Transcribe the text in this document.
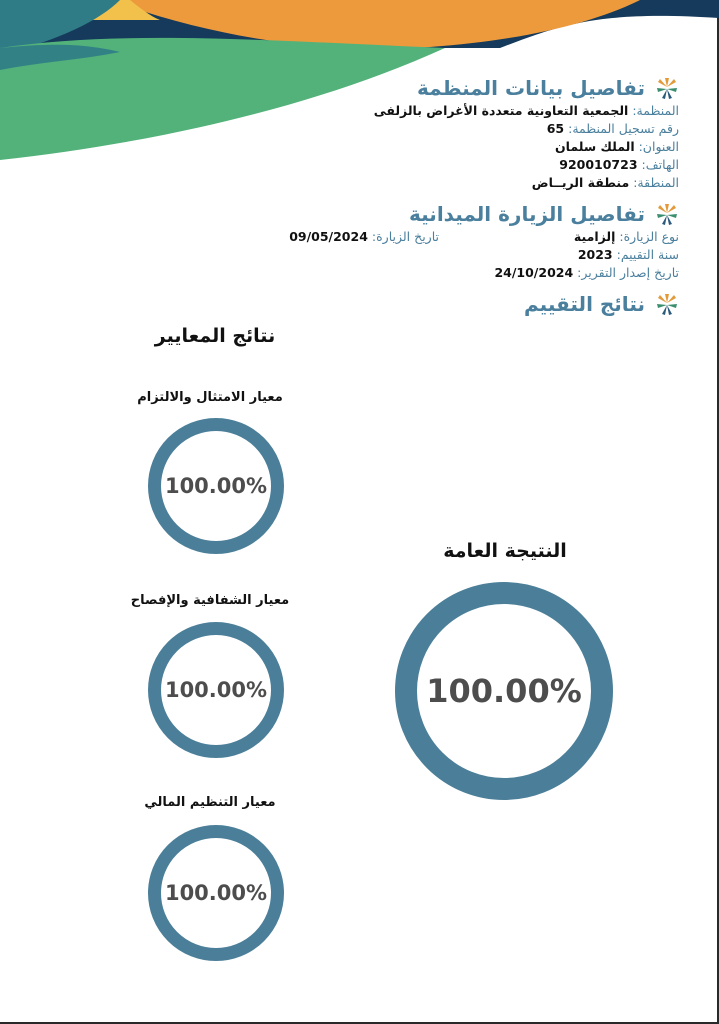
تفاصيل بيانات المنظمة
المنظمة: الجمعية التعاونية متعددة الأغراض بالزلفى
رقم تسجيل المنظمة: 65
العنوان: الملك سلمان
الهاتف: 920010723
المنطقة: منطقة الريــاض
تفاصيل الزيارة الميدانية
نوع الزيارة: إلزامية
سنة التقييم: 2023
تاريخ إصدار التقرير: 24/10/2024
تاريخ الزيارة: 09/05/2024
نتائج التقييم
نتائج المعايير
معيار الامتثال والالتزام
100.00%
معيار الشفافية والإفصاح
100.00%
معيار التنظيم المالي
100.00%
النتيجة العامة
100.00%
